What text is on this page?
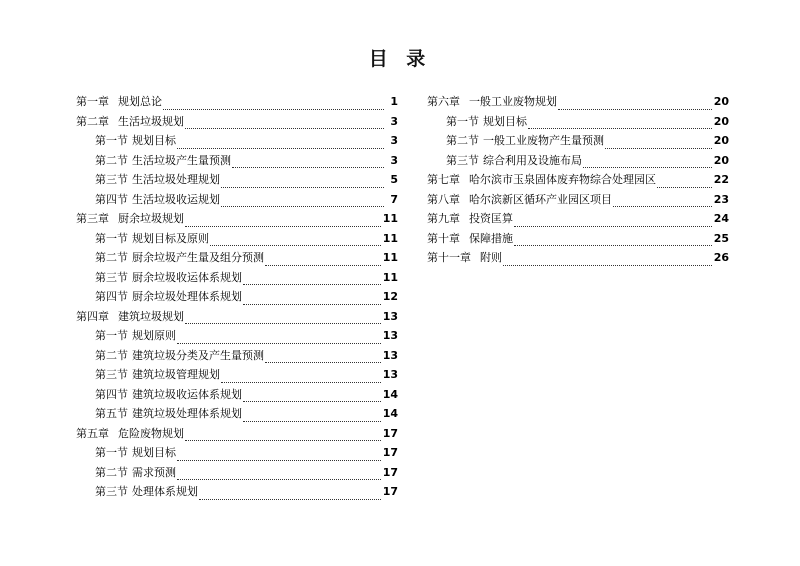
目 录
第一章 规划总论	1
第二章 生活垃圾规划	3
第一节 规划目标	3
第二节 生活垃圾产生量预测	3
第三节 生活垃圾处理规划	5
第四节 生活垃圾收运规划	7
第三章 厨余垃圾规划	11
第一节 规划目标及原则	11
第二节 厨余垃圾产生量及组分预测	11
第三节 厨余垃圾收运体系规划	11
第四节 厨余垃圾处理体系规划	12
第四章 建筑垃圾规划	13
第一节 规划原则	13
第二节 建筑垃圾分类及产生量预测	13
第三节 建筑垃圾管理规划	13
第四节 建筑垃圾收运体系规划	14
第五节 建筑垃圾处理体系规划	14
第五章 危险废物规划	17
第一节 规划目标	17
第二节 需求预测	17
第三节 处理体系规划	17
第六章 一般工业废物规划	20
第一节 规划目标	20
第二节 一般工业废物产生量预测	20
第三节 综合利用及设施布局	20
第七章 哈尔滨市玉泉固体废弃物综合处理园区	22
第八章 哈尔滨新区循环产业园区项目	23
第九章 投资匡算	24
第十章 保障措施	25
第十一章 附则	26
